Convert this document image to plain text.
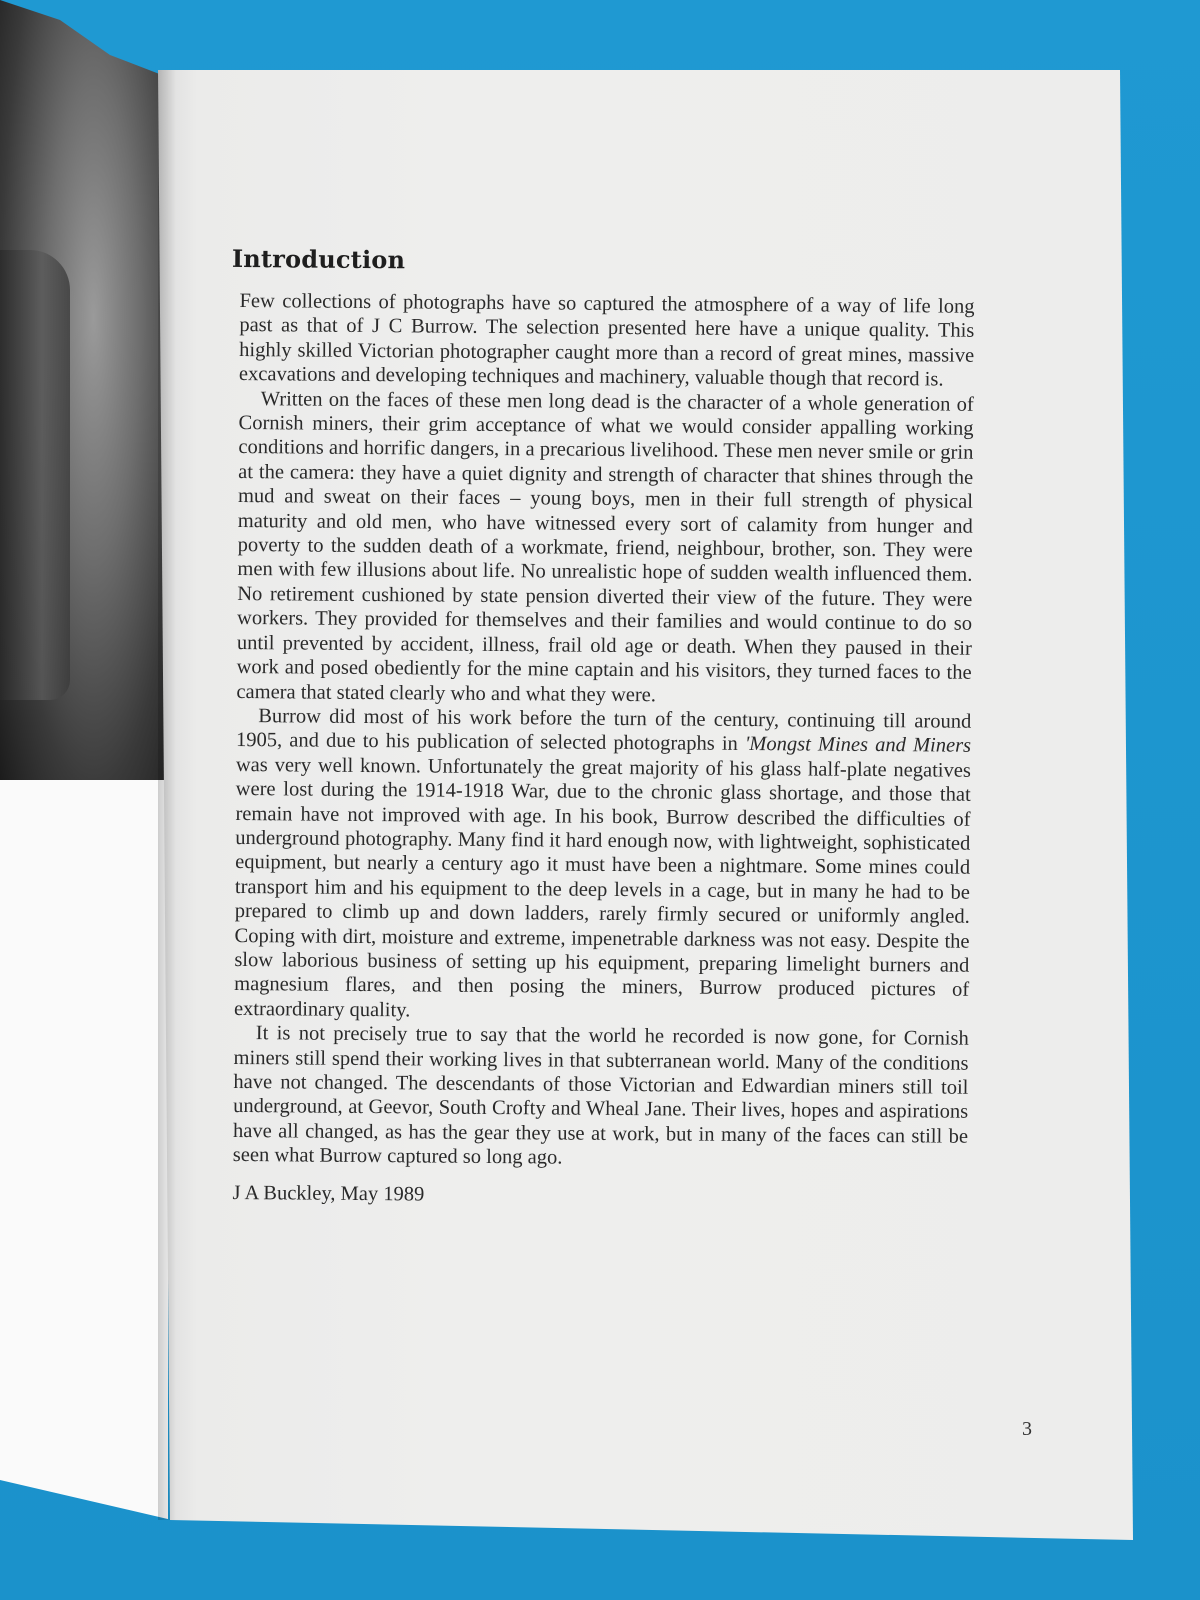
Introduction

Few collections of photographs have so captured the atmosphere of a way of life long past as that of J C Burrow. The selection presented here have a unique quality. This highly skilled Victorian photographer caught more than a record of great mines, massive excavations and developing techniques and machinery, valuable though that record is.

Written on the faces of these men long dead is the character of a whole generation of Cornish miners, their grim acceptance of what we would consider appalling working conditions and horrific dangers, in a precarious livelihood. These men never smile or grin at the camera: they have a quiet dignity and strength of character that shines through the mud and sweat on their faces – young boys, men in their full strength of physical maturity and old men, who have witnessed every sort of calamity from hunger and poverty to the sudden death of a workmate, friend, neighbour, brother, son. They were men with few illusions about life. No unrealistic hope of sudden wealth influenced them. No retirement cushioned by state pension diverted their view of the future. They were workers. They provided for themselves and their families and would continue to do so until prevented by accident, illness, frail old age or death. When they paused in their work and posed obediently for the mine captain and his visitors, they turned faces to the camera that stated clearly who and what they were.

Burrow did most of his work before the turn of the century, continuing till around 1905, and due to his publication of selected photographs in 'Mongst Mines and Miners was very well known. Unfortunately the great majority of his glass half-plate negatives were lost during the 1914-1918 War, due to the chronic glass shortage, and those that remain have not improved with age. In his book, Burrow described the difficulties of underground photography. Many find it hard enough now, with lightweight, sophisticated equipment, but nearly a century ago it must have been a nightmare. Some mines could transport him and his equipment to the deep levels in a cage, but in many he had to be prepared to climb up and down ladders, rarely firmly secured or uniformly angled. Coping with dirt, moisture and extreme, impenetrable darkness was not easy. Despite the slow laborious business of setting up his equipment, preparing limelight burners and magnesium flares, and then posing the miners, Burrow produced pictures of extraordinary quality.

It is not precisely true to say that the world he recorded is now gone, for Cornish miners still spend their working lives in that subterranean world. Many of the conditions have not changed. The descendants of those Victorian and Edwardian miners still toil underground, at Geevor, South Crofty and Wheal Jane. Their lives, hopes and aspirations have all changed, as has the gear they use at work, but in many of the faces can still be seen what Burrow captured so long ago.

J A Buckley, May 1989
3
